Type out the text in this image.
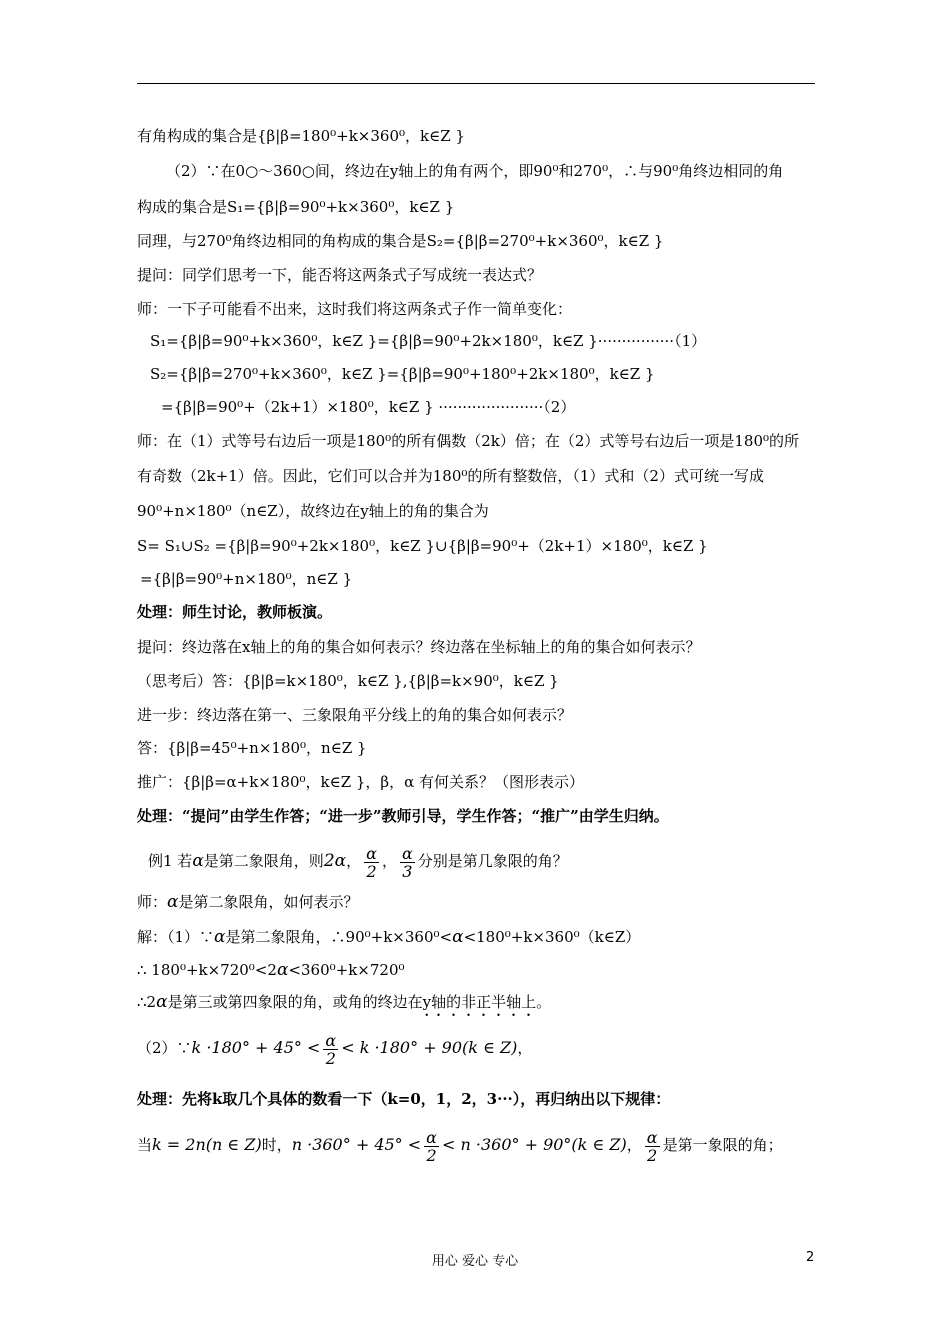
有角构成的集合是{β|β=180⁰+k×360⁰，k∈Z }
（2）∵在0○～360○间，终边在y轴上的角有两个，即90⁰和270⁰，∴与90⁰角终边相同的角
构成的集合是S₁={β|β=90⁰+k×360⁰，k∈Z }
同理，与270⁰角终边相同的角构成的集合是S₂={β|β=270⁰+k×360⁰，k∈Z }
提问：同学们思考一下，能否将这两条式子写成统一表达式？
师：一下子可能看不出来，这时我们将这两条式子作一简单变化：
S₁={β|β=90⁰+k×360⁰，k∈Z }={β|β=90⁰+2k×180⁰，k∈Z }················（1）
S₂={β|β=270⁰+k×360⁰，k∈Z }={β|β=90⁰+180⁰+2k×180⁰，k∈Z }
={β|β=90⁰+（2k+1）×180⁰，k∈Z } ······················（2）
师：在（1）式等号右边后一项是180⁰的所有偶数（2k）倍；在（2）式等号右边后一项是180⁰的所
有奇数（2k+1）倍。因此，它们可以合并为180⁰的所有整数倍，（1）式和（2）式可统一写成
90⁰+n×180⁰（n∈Z），故终边在y轴上的角的集合为
S= S₁∪S₂ ={β|β=90⁰+2k×180⁰，k∈Z }∪{β|β=90⁰+（2k+1）×180⁰，k∈Z }
={β|β=90⁰+n×180⁰，n∈Z }
处理：师生讨论，教师板演。
提问：终边落在x轴上的角的集合如何表示？终边落在坐标轴上的角的集合如何表示？
（思考后）答：{β|β=k×180⁰，k∈Z },{β|β=k×90⁰，k∈Z }
进一步：终边落在第一、三象限角平分线上的角的集合如何表示？
答：{β|β=45⁰+n×180⁰，n∈Z }
推广：{β|β=α+k×180⁰，k∈Z }，β，α 有何关系？（图形表示）
处理：“提问”由学生作答；“进一步”教师引导，学生作答；“推广”由学生归纳。
例1 若α是第二象限角，则2α， $\frac{\alpha}{2}$ ， $\frac{\alpha}{3}$ 分别是第几象限的角？
师：α是第二象限角，如何表示？
解：（1）∵α是第二象限角，∴90⁰+k×360⁰<α<180⁰+k×360⁰（k∈Z）
∴ 180⁰+k×720⁰<2α<360⁰+k×720⁰
∴2α是第三或第四象限的角，或角的终边在y轴的非正半轴上。
（2）∵k $\cdot 180^\circ + 45^\circ < \frac{\alpha}{2} < k \cdot 180^\circ + 90(k$ ∈ Z)，
处理：先将k取几个具体的数看一下（k=0，1，2，3···），再归纳出以下规律：
当k = 2n(n ∈ Z)时，$n \cdot 360^\circ + 45^\circ < \frac{\alpha}{2} < n \cdot 360^\circ + 90^\circ(k$ ∈ Z)， $\frac{\alpha}{2}$ 是第一象限的角；
用心 爱心 专心	2
